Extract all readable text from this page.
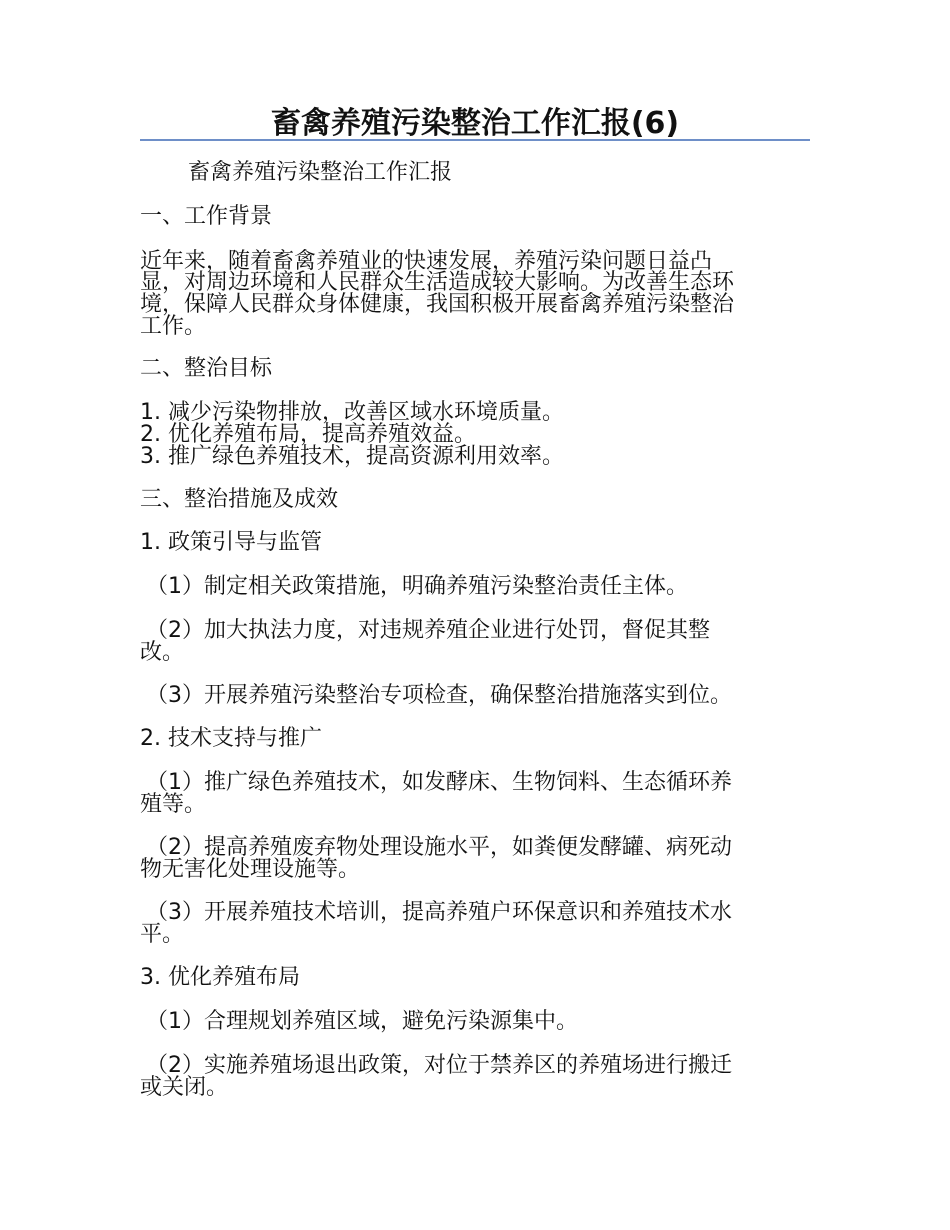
畜禽养殖污染整治工作汇报(6)
畜禽养殖污染整治工作汇报
一、工作背景
近年来，随着畜禽养殖业的快速发展，养殖污染问题日益凸
显，对周边环境和人民群众生活造成较大影响。为改善生态环
境，保障人民群众身体健康，我国积极开展畜禽养殖污染整治
工作。
二、整治目标
1. 减少污染物排放，改善区域水环境质量。
2. 优化养殖布局，提高养殖效益。
3. 推广绿色养殖技术，提高资源利用效率。
三、整治措施及成效
1. 政策引导与监管
（1）制定相关政策措施，明确养殖污染整治责任主体。
（2）加大执法力度，对违规养殖企业进行处罚，督促其整
改。
（3）开展养殖污染整治专项检查，确保整治措施落实到位。
2. 技术支持与推广
（1）推广绿色养殖技术，如发酵床、生物饲料、生态循环养
殖等。
（2）提高养殖废弃物处理设施水平，如粪便发酵罐、病死动
物无害化处理设施等。
（3）开展养殖技术培训，提高养殖户环保意识和养殖技术水
平。
3. 优化养殖布局
（1）合理规划养殖区域，避免污染源集中。
（2）实施养殖场退出政策，对位于禁养区的养殖场进行搬迁
或关闭。
